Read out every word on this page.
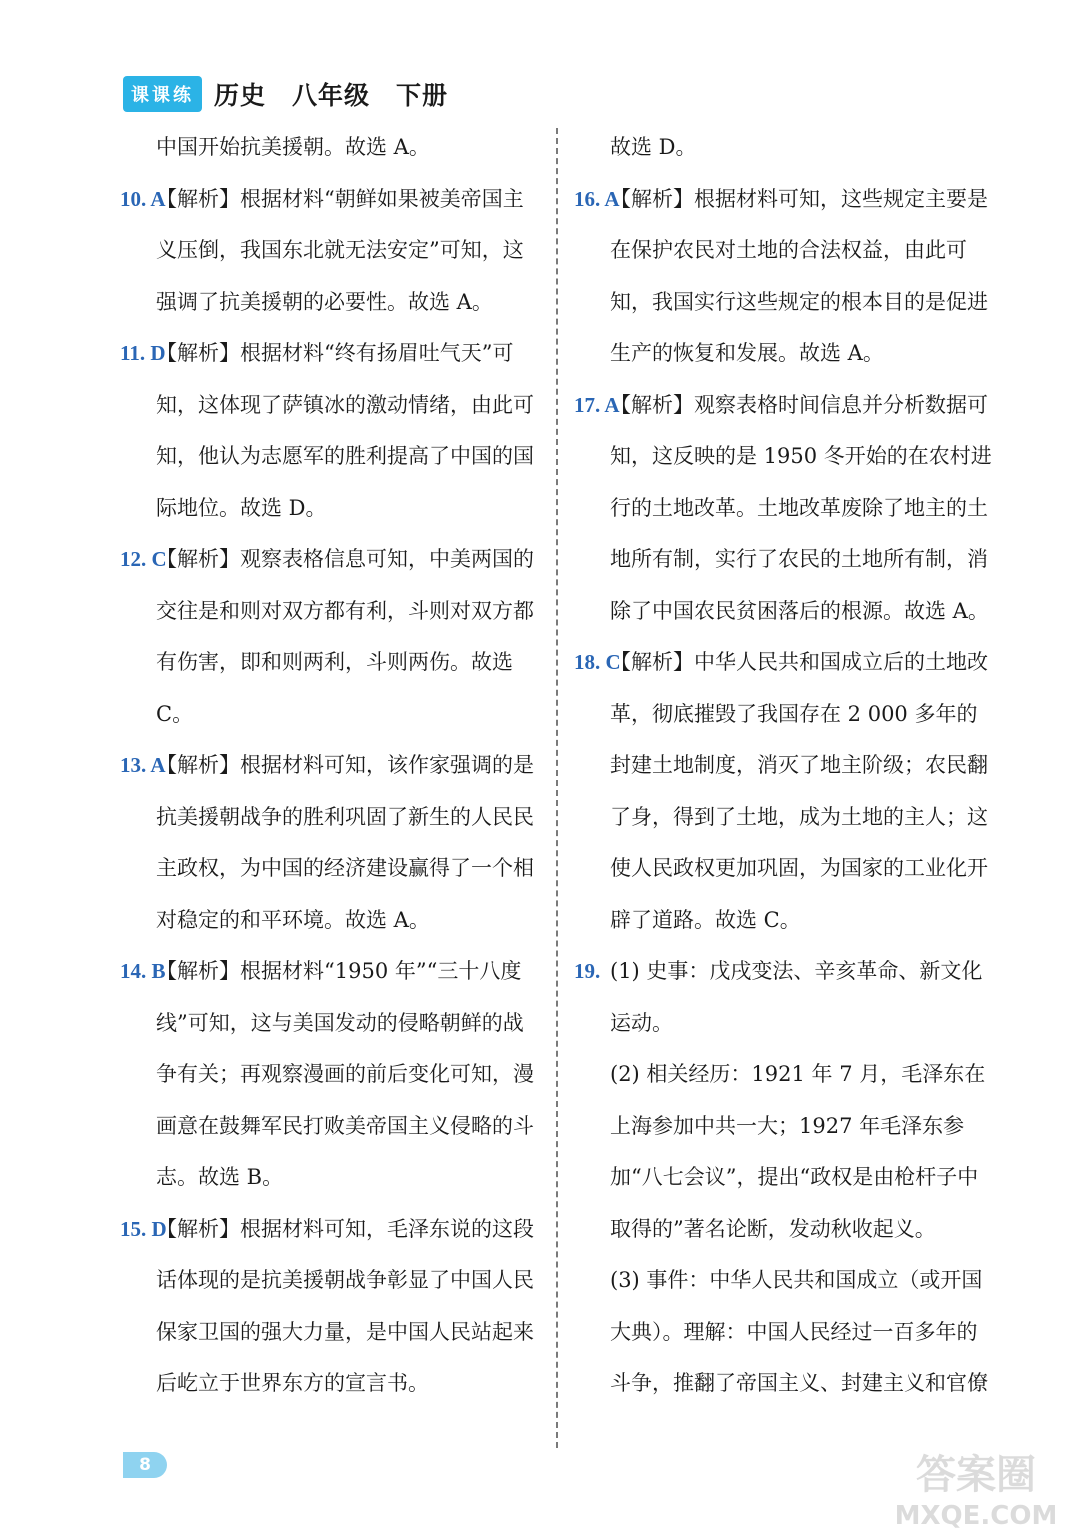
课课练 历史　八年级　下册
中国开始抗美援朝。故选 A。
10. A
【解析】根据材料“朝鲜如果被美帝国主义压倒，我国东北就无法安定”可知，这强调了抗美援朝的必要性。故选 A。
11. D
【解析】根据材料“终有扬眉吐气天”可知，这体现了萨镇冰的激动情绪，由此可知，他认为志愿军的胜利提高了中国的国际地位。故选 D。
12. C
【解析】观察表格信息可知，中美两国的交往是和则对双方都有利，斗则对双方都有伤害，即和则两利，斗则两伤。故选 C。
13. A
【解析】根据材料可知，该作家强调的是抗美援朝战争的胜利巩固了新生的人民民主政权，为中国的经济建设赢得了一个相对稳定的和平环境。故选 A。
14. B
【解析】根据材料“1950 年”“三十八度线”可知，这与美国发动的侵略朝鲜的战争有关；再观察漫画的前后变化可知，漫画意在鼓舞军民打败美帝国主义侵略的斗志。故选 B。
15. D
【解析】根据材料可知，毛泽东说的这段话体现的是抗美援朝战争彰显了中国人民保家卫国的强大力量，是中国人民站起来后屹立于世界东方的宣言书。
故选 D。
16. A
【解析】根据材料可知，这些规定主要是在保护农民对土地的合法权益，由此可知，我国实行这些规定的根本目的是促进生产的恢复和发展。故选 A。
17. A
【解析】观察表格时间信息并分析数据可知，这反映的是 1950 冬开始的在农村进行的土地改革。土地改革废除了地主的土地所有制，实行了农民的土地所有制，消除了中国农民贫困落后的根源。故选 A。
18. C
【解析】中华人民共和国成立后的土地改革，彻底摧毁了我国存在 2 000 多年的封建土地制度，消灭了地主阶级；农民翻了身，得到了土地，成为土地的主人；这使人民政权更加巩固，为国家的工业化开辟了道路。故选 C。
19. (1) 史事：戊戌变法、辛亥革命、新文化运动。
(2) 相关经历：1921 年 7 月，毛泽东在上海参加中共一大；1927 年毛泽东参加“八七会议”，提出“政权是由枪杆子中取得的”著名论断，发动秋收起义。
(3) 事件：中华人民共和国成立（或开国大典）。理解：中国人民经过一百多年的斗争，推翻了帝国主义、封建主义和官僚
8	答案圈
MXQE.COM
